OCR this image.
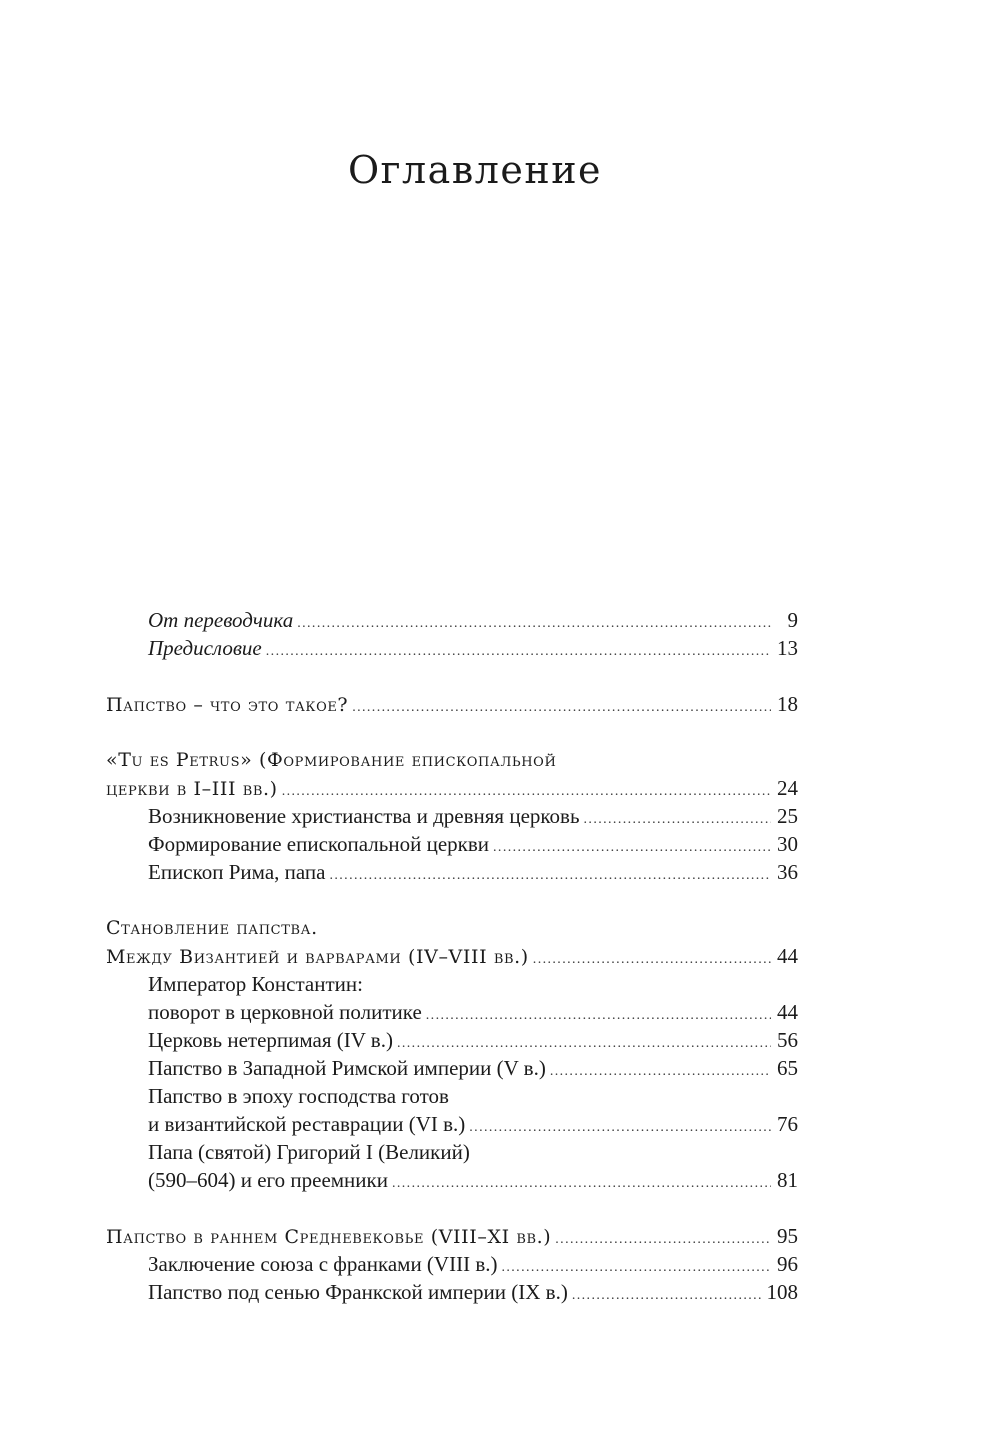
Оглавление
От переводчика .....	9
Предисловие .....	13
Папство – что это такое? .....	18
«Tu es Petrus» (Формирование епископальной
церкви в I–III вв.) .....	24
Возникновение христианства и древняя церковь .....	25
Формирование епископальной церкви .....	30
Епископ Рима, папа .....	36
Становление папства.
Между Византией и варварами (IV–VIII вв.) .....	44
Император Константин:
поворот в церковной политике .....	44
Церковь нетерпимая (IV в.) .....	56
Папство в Западной Римской империи (V в.) .....	65
Папство в эпоху господства готов
и византийской реставрации (VI в.) .....	76
Папа (святой) Григорий I (Великий)
(590–604) и его преемники .....	81
Папство в раннем Средневековье (VIII–XI вв.) .....	95
Заключение союза с франками (VIII в.) .....	96
Папство под сенью Франкской империи (IX в.) .....	108
